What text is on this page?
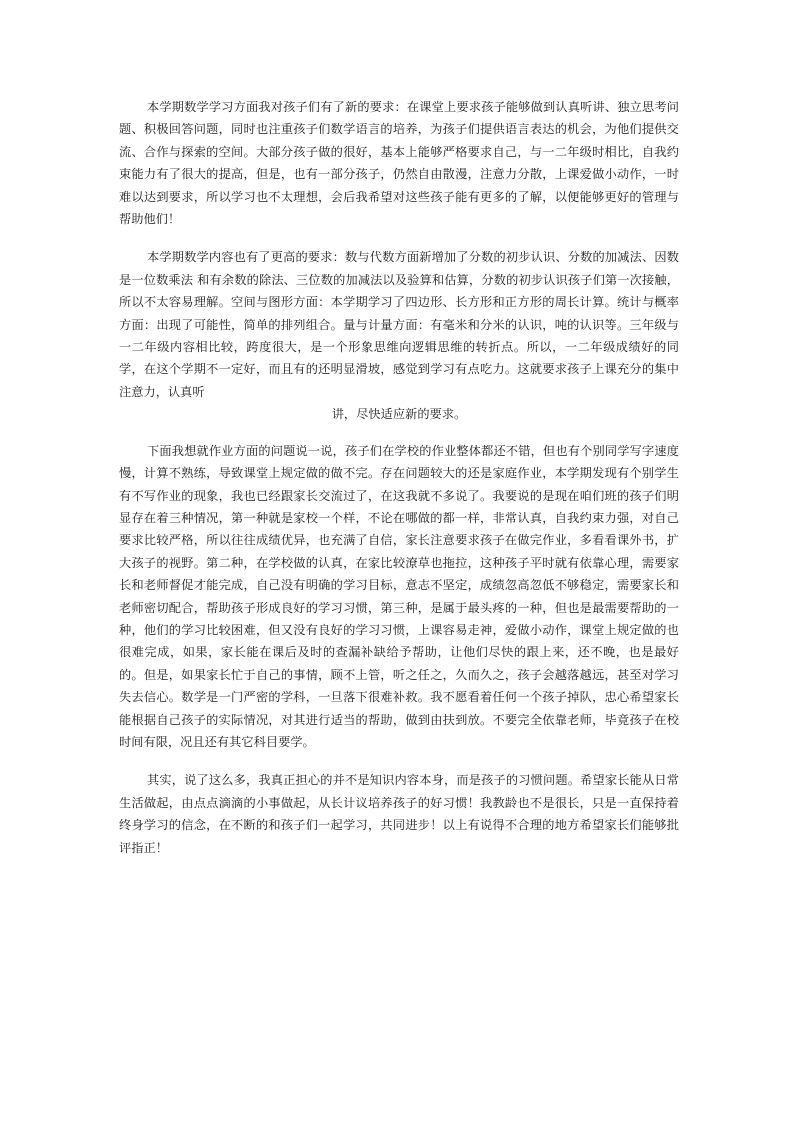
本学期数学学习方面我对孩子们有了新的要求：在课堂上要求孩子能够做到认真听讲、独立思考问题、积极回答问题，同时也注重孩子们数学语言的培养，为孩子们提供语言表达的机会，为他们提供交流、合作与探索的空间。大部分孩子做的很好，基本上能够严格要求自己，与一二年级时相比，自我约束能力有了很大的提高，但是，也有一部分孩子，仍然自由散漫，注意力分散，上课爱做小动作，一时难以达到要求，所以学习也不太理想，会后我希望对这些孩子能有更多的了解，以便能够更好的管理与帮助他们！

本学期数学内容也有了更高的要求：数与代数方面新增加了分数的初步认识、分数的加减法、因数是一位数乘法 和有余数的除法、三位数的加减法以及验算和估算，分数的初步认识孩子们第一次接触，所以不太容易理解。空间与图形方面：本学期学习了四边形、长方形和正方形的周长计算。统计与概率方面：出现了可能性，简单的排列组合。量与计量方面：有毫米和分米的认识，吨的认识等。三年级与一二年级内容相比较，跨度很大，是一个形象思维向逻辑思维的转折点。所以，一二年级成绩好的同学，在这个学期不一定好，而且有的还明显滑坡，感觉到学习有点吃力。这就要求孩子上课充分的集中注意力，认真听
讲，尽快适应新的要求。

下面我想就作业方面的问题说一说，孩子们在学校的作业整体都还不错，但也有个别同学写字速度慢，计算不熟练，导致课堂上规定做的做不完。存在问题较大的还是家庭作业，本学期发现有个别学生有不写作业的现象，我也已经跟家长交流过了，在这我就不多说了。我要说的是现在咱们班的孩子们明显存在着三种情况，第一种就是家校一个样，不论在哪做的都一样，非常认真，自我约束力强，对自己要求比较严格，所以往往成绩优异，也充满了自信，家长注意要求孩子在做完作业，多看看课外书，扩大孩子的视野。第二种，在学校做的认真，在家比较潦草也拖拉，这种孩子平时就有依靠心理，需要家长和老师督促才能完成，自己没有明确的学习目标，意志不坚定，成绩忽高忽低不够稳定，需要家长和老师密切配合，帮助孩子形成良好的学习习惯，第三种，是属于最头疼的一种，但也是最需要帮助的一种，他们的学习比较困难，但又没有良好的学习习惯，上课容易走神，爱做小动作，课堂上规定做的也很难完成，如果，家长能在课后及时的查漏补缺给予帮助，让他们尽快的跟上来，还不晚，也是最好的。但是，如果家长忙于自己的事情，顾不上管，听之任之，久而久之，孩子会越落越远，甚至对学习失去信心。数学是一门严密的学科，一旦落下很难补救。我不愿看着任何一个孩子掉队，忠心希望家长能根据自己孩子的实际情况，对其进行适当的帮助，做到由扶到放。不要完全依靠老师，毕竟孩子在校时间有限，况且还有其它科目要学。

其实，说了这么多，我真正担心的并不是知识内容本身，而是孩子的习惯问题。希望家长能从日常生活做起，由点点滴滴的小事做起，从长计议培养孩子的好习惯！我教龄也不是很长，只是一直保持着终身学习的信念，在不断的和孩子们一起学习，共同进步！以上有说得不合理的地方希望家长们能够批评指正！
